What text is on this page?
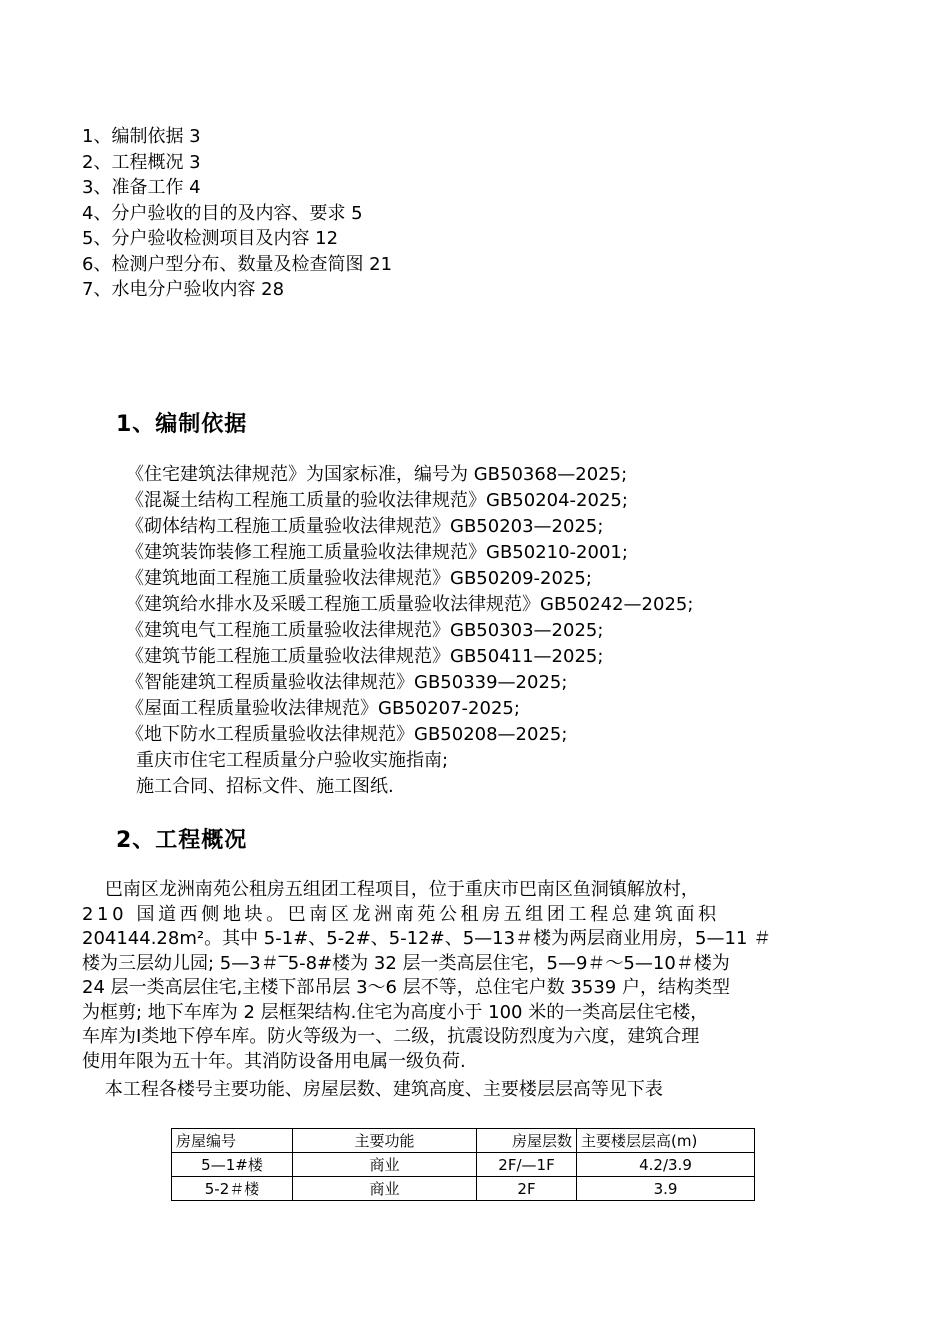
1、编制依据 3
2、工程概况 3
3、准备工作 4
4、分户验收的目的及内容、要求 5
5、分户验收检测项目及内容 12
6、检测户型分布、数量及检查简图 21
7、水电分户验收内容 28
1、编制依据
《住宅建筑法律规范》为国家标准，编号为 GB50368—2025;
《混凝土结构工程施工质量的验收法律规范》GB50204-2025;
《砌体结构工程施工质量验收法律规范》GB50203—2025;
《建筑装饰装修工程施工质量验收法律规范》GB50210-2001;
《建筑地面工程施工质量验收法律规范》GB50209-2025;
《建筑给水排水及采暖工程施工质量验收法律规范》GB50242—2025;
《建筑电气工程施工质量验收法律规范》GB50303—2025;
《建筑节能工程施工质量验收法律规范》GB50411—2025;
《智能建筑工程质量验收法律规范》GB50339—2025;
《屋面工程质量验收法律规范》GB50207-2025;
《地下防水工程质量验收法律规范》GB50208—2025;
重庆市住宅工程质量分户验收实施指南;
施工合同、招标文件、施工图纸.
2、工程概况
巴南区龙洲南苑公租房五组团工程项目，位于重庆市巴南区鱼洞镇解放村，
210 国道西侧地块。巴南区龙洲南苑公租房五组团工程总建筑面积
204144.28m²。其中 5-1#、5-2#、5-12#、5—13＃楼为两层商业用房，5—11 ＃
楼为三层幼儿园; 5—3＃‾5-8#楼为 32 层一类高层住宅，5—9＃～5—10＃楼为
24 层一类高层住宅,主楼下部吊层 3～6 层不等，总住宅户数 3539 户，结构类型
为框剪; 地下车库为 2 层框架结构.住宅为高度小于 100 米的一类高层住宅楼，
车库为Ⅰ类地下停车库。防火等级为一、二级，抗震设防烈度为六度，建筑合理
使用年限为五十年。其消防设备用电属一级负荷.
本工程各楼号主要功能、房屋层数、建筑高度、主要楼层层高等见下表
房屋编号	主要功能	房屋层数	主要楼层层高(m)
5—1#楼	商业	2F/—1F	4.2/3.9
5-2＃楼	商业	2F	3.9
